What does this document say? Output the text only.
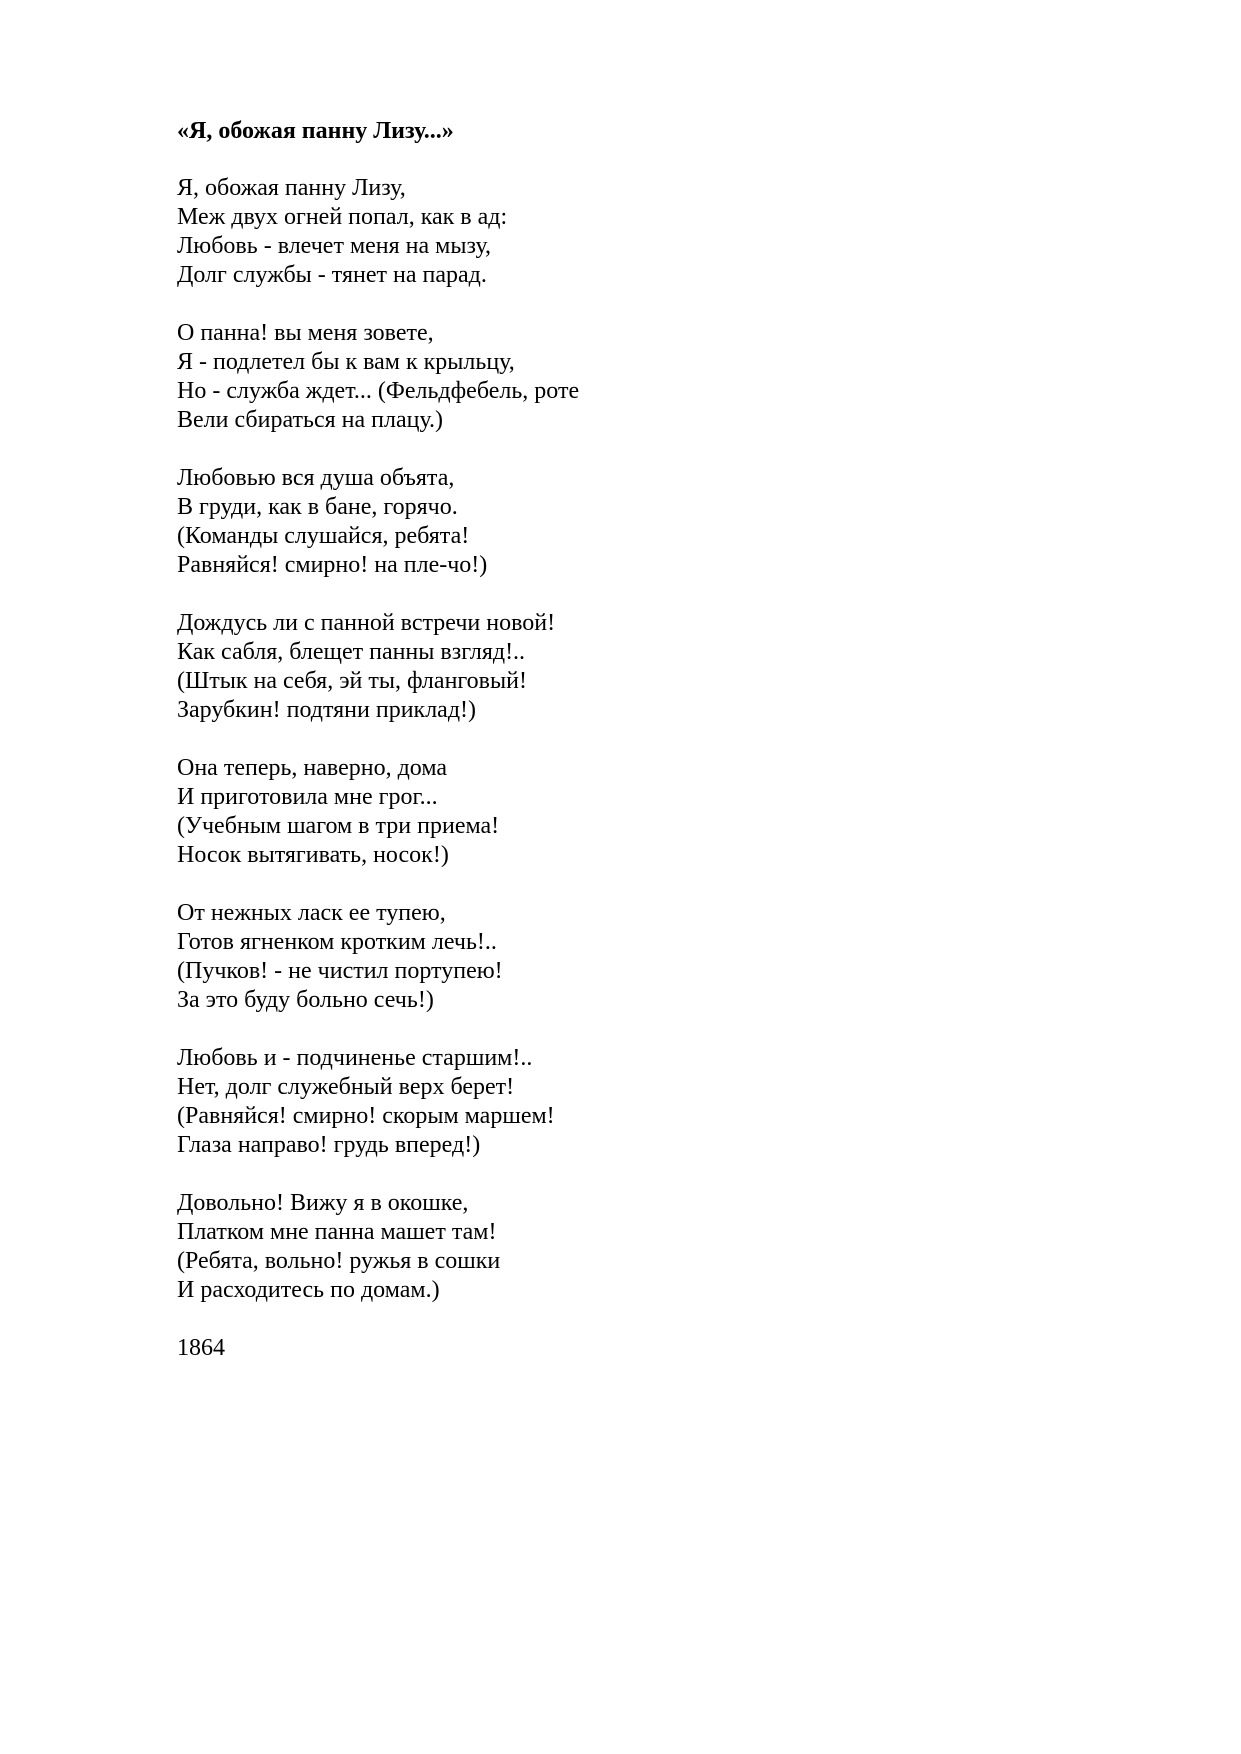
«Я, обожая панну Лизу...»
Я, обожая панну Лизу,
Меж двух огней попал, как в ад:
Любовь - влечет меня на мызу,
Долг службы - тянет на парад.
О панна! вы меня зовете,
Я - подлетел бы к вам к крыльцу,
Но - служба ждет... (Фельдфебель, роте
Вели сбираться на плацу.)
Любовью вся душа объята,
В груди, как в бане, горячо.
(Команды слушайся, ребята!
Равняйся! смирно! на пле-чо!)
Дождусь ли с панной встречи новой!
Как сабля, блещет панны взгляд!..
(Штык на себя, эй ты, фланговый!
Зарубкин! подтяни приклад!)
Она теперь, наверно, дома
И приготовила мне грог...
(Учебным шагом в три приема!
Носок вытягивать, носок!)
От нежных ласк ее тупею,
Готов ягненком кротким лечь!..
(Пучков! - не чистил портупею!
За это буду больно сечь!)
Любовь и - подчиненье старшим!..
Нет, долг служебный верх берет!
(Равняйся! смирно! скорым маршем!
Глаза направо! грудь вперед!)
Довольно! Вижу я в окошке,
Платком мне панна машет там!
(Ребята, вольно! ружья в сошки
И расходитесь по домам.)
1864
